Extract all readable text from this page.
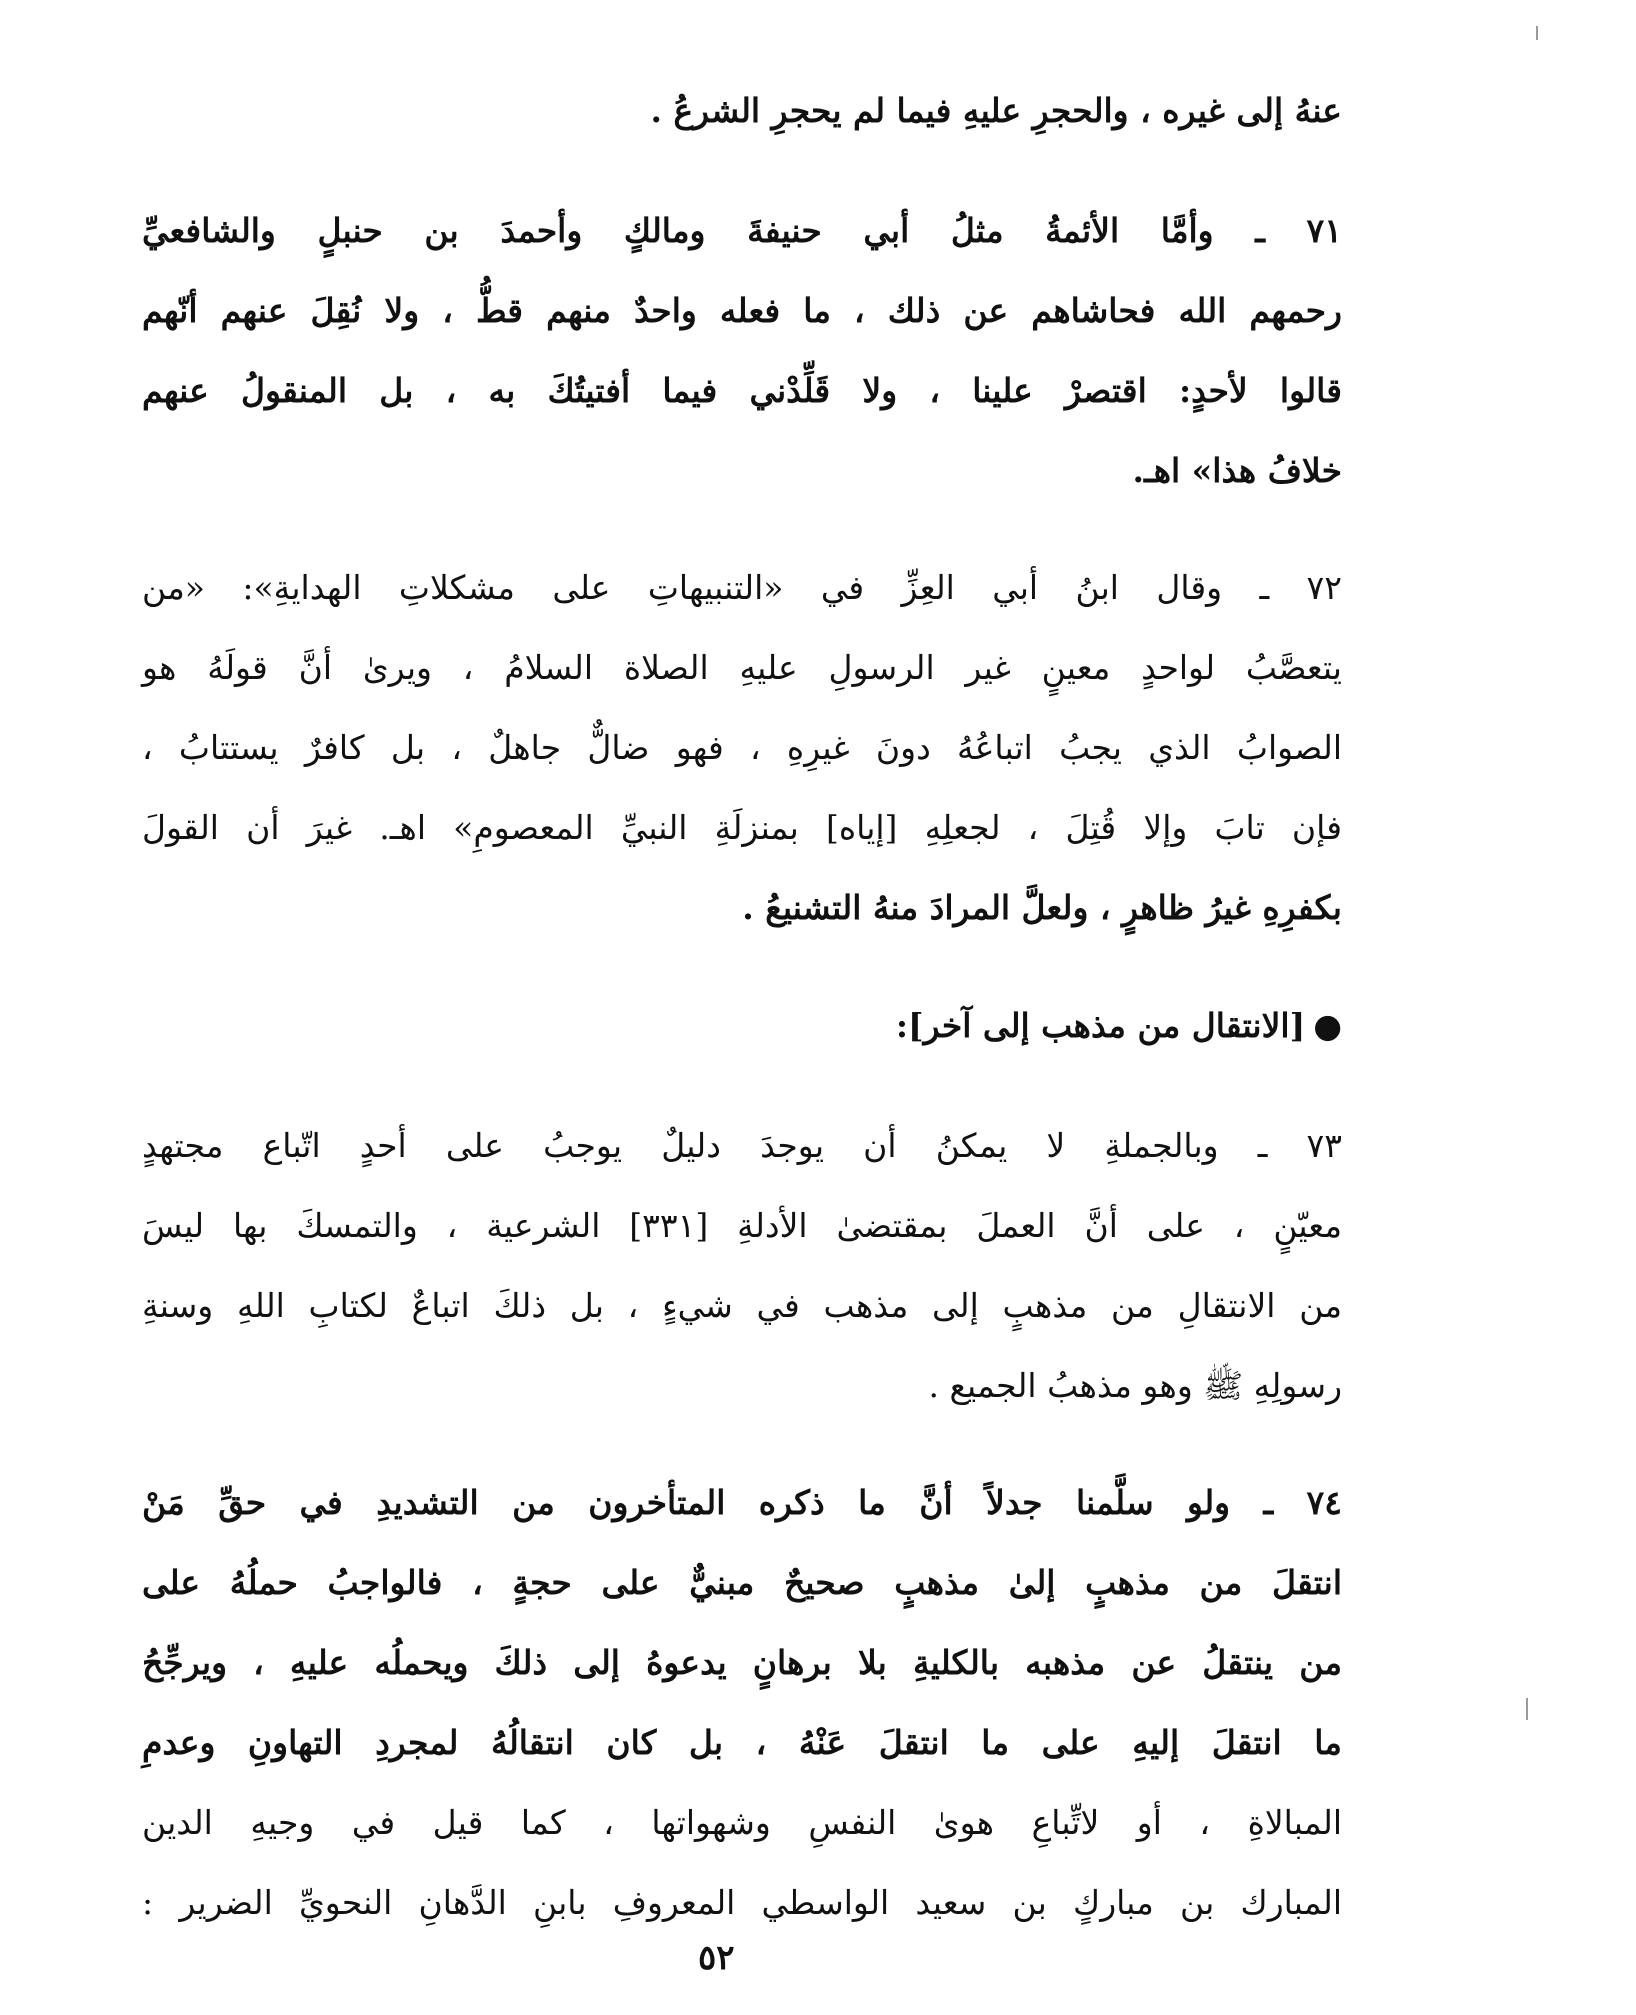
عنهُ إلى غيره ، والحجرِ عليهِ فيما لم يحجرِ الشرعُ .
٧١ ـ وأمَّا الأئمةُ مثلُ أبي حنيفةَ ومالكٍ وأحمدَ بن حنبلٍ والشافعيِّ
رحمهم الله فحاشاهم عن ذلك ، ما فعله واحدٌ منهم قطُّ ، ولا نُقِلَ عنهم أنّهم
قالوا لأحدٍ: اقتصرْ علينا ، ولا قَلِّدْني فيما أفتيتُكَ به ، بل المنقولُ عنهم
خلافُ هذا» اهـ.
٧٢ ـ وقال ابنُ أبي العِزِّ في «التنبيهاتِ على مشكلاتِ الهدايةِ»: «من
يتعصَّبُ لواحدٍ معينٍ غير الرسولِ عليهِ الصلاة السلامُ ، ويرىٰ أنَّ قولَهُ هو
الصوابُ الذي يجبُ اتباعُهُ دونَ غيرِهِ ، فهو ضالٌّ جاهلٌ ، بل كافرٌ يستتابُ ،
فإن تابَ وإلا قُتِلَ ، لجعلِهِ [إياه] بمنزلَةِ النبيِّ المعصومِ» اهـ. غيرَ أن القولَ
بكفرِهِ غيرُ ظاهرٍ ، ولعلَّ المرادَ منهُ التشنيعُ .
●[الانتقال من مذهب إلى آخر]:
٧٣ ـ وبالجملةِ لا يمكنُ أن يوجدَ دليلٌ يوجبُ على أحدٍ اتّباع مجتهدٍ
معيّنٍ ، على أنَّ العملَ بمقتضىٰ الأدلةِ [٣٣١] الشرعية ، والتمسكَ بها ليسَ
من الانتقالِ من مذهبٍ إلى مذهب في شيءٍ ، بل ذلكَ اتباعٌ لكتابِ اللهِ وسنةِ
رسولِهِ ﷺ وهو مذهبُ الجميع .
٧٤ ـ ولو سلَّمنا جدلاً أنَّ ما ذكره المتأخرون من التشديدِ في حقِّ مَنْ
انتقلَ من مذهبٍ إلىٰ مذهبٍ صحيحٌ مبنيٌّ على حجةٍ ، فالواجبُ حملُهُ على
من ينتقلُ عن مذهبه بالكليةِ بلا برهانٍ يدعوهُ إلى ذلكَ ويحملُه عليهِ ، ويرجِّحُ
ما انتقلَ إليهِ على ما انتقلَ عَنْهُ ، بل كان انتقالُهُ لمجردِ التهاونِ وعدمِ
المبالاةِ ، أو لاتِّباعِ هوىٰ النفسِ وشهواتها ، كما قيل في وجيهِ الدين
المبارك بن مباركٍ بن سعيد الواسطي المعروفِ بابنِ الدَّهانِ النحويِّ الضرير :
٥٢
